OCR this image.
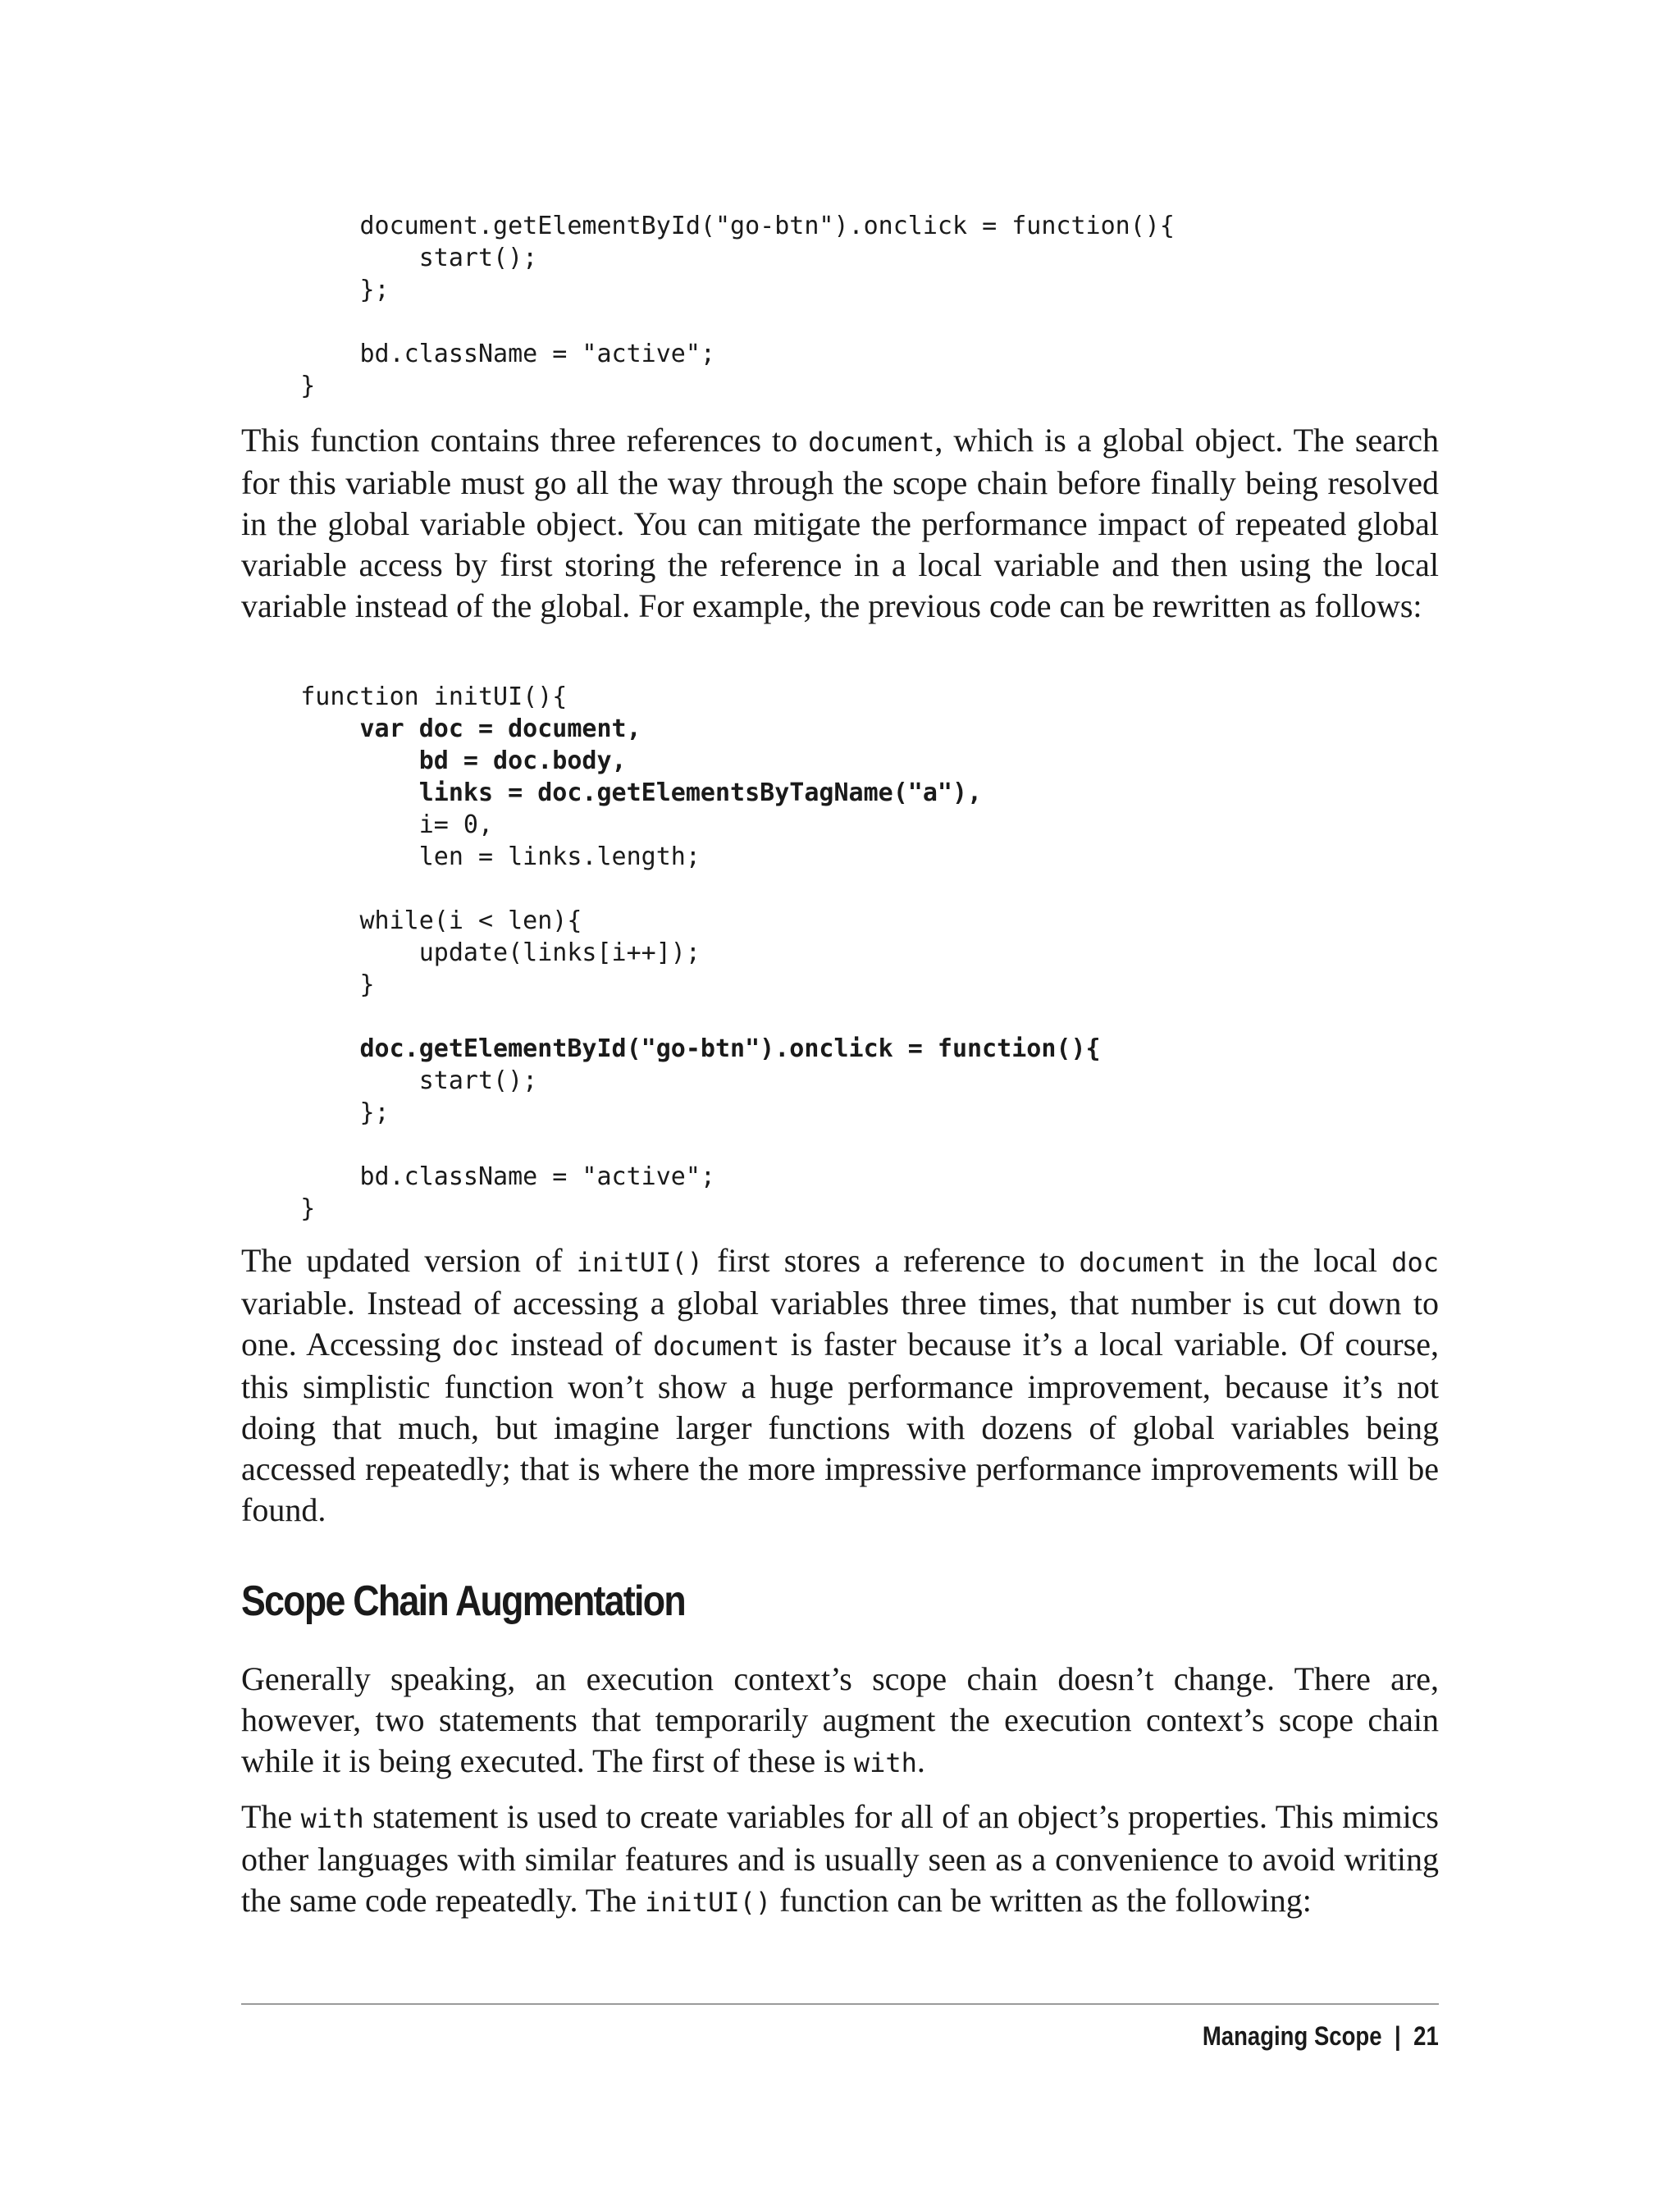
document.getElementById("go-btn").onclick = function(){
start();
};

bd.className = "active";
}

This function contains three references to document, which is a global object. The search for this variable must go all the way through the scope chain before finally being resolved in the global variable object. You can mitigate the performance impact of repeated global variable access by first storing the reference in a local variable and then using the local variable instead of the global. For example, the previous code can be rewritten as follows:

function initUI(){
var doc = document,
bd = doc.body,
links = doc.getElementsByTagName("a"),
i= 0,
len = links.length;

while(i < len){
update(links[i++]);
}

doc.getElementById("go-btn").onclick = function(){
start();
};

bd.className = "active";
}

The updated version of initUI() first stores a reference to document in the local doc variable. Instead of accessing a global variables three times, that number is cut down to one. Accessing doc instead of document is faster because it’s a local variable. Of course, this simplistic function won’t show a huge performance improvement, because it’s not doing that much, but imagine larger functions with dozens of global variables being accessed repeatedly; that is where the more impressive performance improvements will be found.

Scope Chain Augmentation

Generally speaking, an execution context’s scope chain doesn’t change. There are, however, two statements that temporarily augment the execution context’s scope chain while it is being executed. The first of these is with.

The with statement is used to create variables for all of an object’s properties. This mimics other languages with similar features and is usually seen as a convenience to avoid writing the same code repeatedly. The initUI() function can be written as the following:

Managing Scope | 21
